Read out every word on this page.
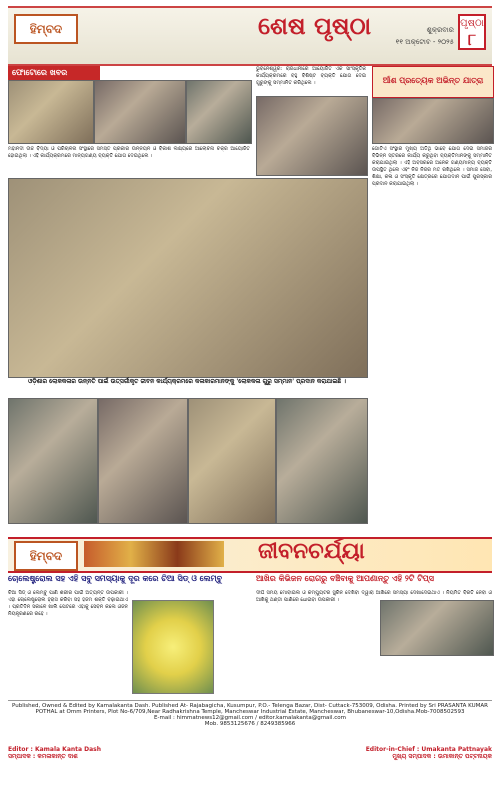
ହିମ୍ବଦ	ଶେଷ ପୃଷ୍ଠା	ଶୁକ୍ରବାର
୧୧ ଅକ୍ଟୋବ - ୨୦୨୫
ପୃଷ୍ଠା
୮
ଫୋଟୋରେ ଖବର
ମହାନଦୀ ଉଚ୍ଚ ବିଦ୍ୟା ଓ ପରିଚାଳନା ସଂସ୍ଥାରେ ସମସ୍ତ ପ୍ରକାର ଉନ୍ନୟନ ଓ ବିକାଶ ଲକ୍ଷ୍ୟରେ ଆଲୋଚନା ଚକ୍ର ଆୟୋଜିତ ହୋଇଥିଲା । ଏହି କାର୍ଯ୍ୟକ୍ରମରେ ମାନ୍ୟଗଣ୍ୟ ବ୍ୟକ୍ତି ଯୋଗ ଦେଇଥିଲେ ।
ଭୁବନେଶ୍ୱର: ରାଜଧାନୀରେ ଆୟୋଜିତ ଏକ ସାଂସ୍କୃତିକ କାର୍ଯ୍ୟକ୍ରମରେ ବହୁ ବିଶିଷ୍ଟ ବ୍ୟକ୍ତି ଯୋଗ ଦେଇ ଗୁରୁଙ୍କୁ ସମ୍ମାନିତ କରିଥିଲେ ।
ଓଡ଼ିଶାର ଲୋକକଳାର ଉନ୍ନତି ପାଇଁ ଉତ୍ସର୍ଗୀକୃତ ଜୀବନ କାର୍ଯ୍ୟକ୍ରମରେ କଳାକାରମାନଙ୍କୁ 'ଲୋକକଳା ଗୁରୁ ସମ୍ମାନ' ପ୍ରଦାନ କରାଯାଇଛି ।
ଆଁଶ ପ୍ରତ୍ୟେକ ଅଭିନ୍ତ ଯାତ୍ରା
ଗୋଟିଏ ସଂସ୍ଥାର ମୁଖ୍ୟ ଅତିଥି ଭାବେ ଯୋଗ ଦେଇ ସମାଜର ବିଭିନ୍ନ ସ୍ତରରେ କାର୍ଯ୍ୟ କରୁଥିବା ବ୍ୟକ୍ତିମାନଙ୍କୁ ସମ୍ମାନିତ କରାଯାଇଥିଲା । ଏହି ଅବସରରେ ଅନେକ ଗଣ୍ୟମାନ୍ୟ ବ୍ୟକ୍ତି ଉପସ୍ଥିତ ଥିଲେ ଏବଂ ନିଜ ନିଜର ମତ ରଖିଥିଲେ । ସମାଜ ସେବା, ଶିକ୍ଷା, କଳା ଓ ସଂସ୍କୃତି କ୍ଷେତ୍ରରେ ଯୋଗଦାନ ପାଇଁ ପୁରସ୍କାର ପ୍ରଦାନ କରାଯାଇଥିଲା ।
ହିମ୍ବଦ	ଜୀବନଚର୍ଯ୍ୟା
ଚୋଲେଷ୍ଟ୍ରୋଲ ସହ ଏହି ସବୁ ସମସ୍ୟାକୁ ଦୂର କରେ ଚିଆ ସିଡ୍ ଓ ଲେମ୍ବୁ	ଆଖିର କିଭିଜନ ରୋଗରୁ ବଞ୍ଚିବାକୁ ଆପଣାନ୍ତୁ ଏହି ୨ଟି ଟିପ୍ସ
ଚିଆ ସିଡ୍ ଓ ଲେମ୍ବୁ ପାଣି ଶରୀର ପାଇଁ ଅତ୍ୟନ୍ତ ଉପକାରୀ । ଏହା ଚୋଲେଷ୍ଟ୍ରୋଲ ହ୍ରାସ କରିବା ସହ ହଜମ ଶକ୍ତି ବଢ଼ାଇଥାଏ । ପ୍ରତିଦିନ ସକାଳେ ଖାଲି ପେଟରେ ଏହାକୁ ସେବନ କଲେ ଓଜନ ନିୟନ୍ତ୍ରଣରେ ରହେ ।
ଦୀର୍ଘ ସମୟ ମୋବାଇଲ ଓ କମ୍ପ୍ୟୁଟର ସ୍କ୍ରିନ ଦେଖିବା ଦ୍ୱାରା ଆଖିରେ ସମସ୍ୟା ଦେଖାଦେଇଥାଏ । ନିୟମିତ ବିରତି ନେବା ଓ ଆଖିକୁ ଥଣ୍ଡା ପାଣିରେ ଧୋଇବା ଉପକାରୀ ।
Published, Owned & Edited by Kamalakanta Dash. Published At- Rajabagicha, Kusumpur, P.O.- Telenga Bazar, Dist- Cuttack-753009, Odisha. Printed by Sri PRASANTA KUMAR POTHAL at Omm Printers, Plot No-6/709,Near Radhakrishna Temple, Mancheswar Industrial Estate, Mancheswar, Bhubaneswar-10,Odisha.Mob-7008502593
E-mail : himmatnews12@gmail.com / editor.kamalakanta@gmail.com
Mob. 9853125676 / 8249385966
Editor : Kamala Kanta Dash
ସମ୍ପାଦକ : କମଳାକାନ୍ତ ଦାଶ
Editor-in-Chief : Umakanta Pattnayak
ମୁଖ୍ୟ ସମ୍ପାଦକ : ଉମାକାନ୍ତ ପଟ୍ଟନାୟକ
